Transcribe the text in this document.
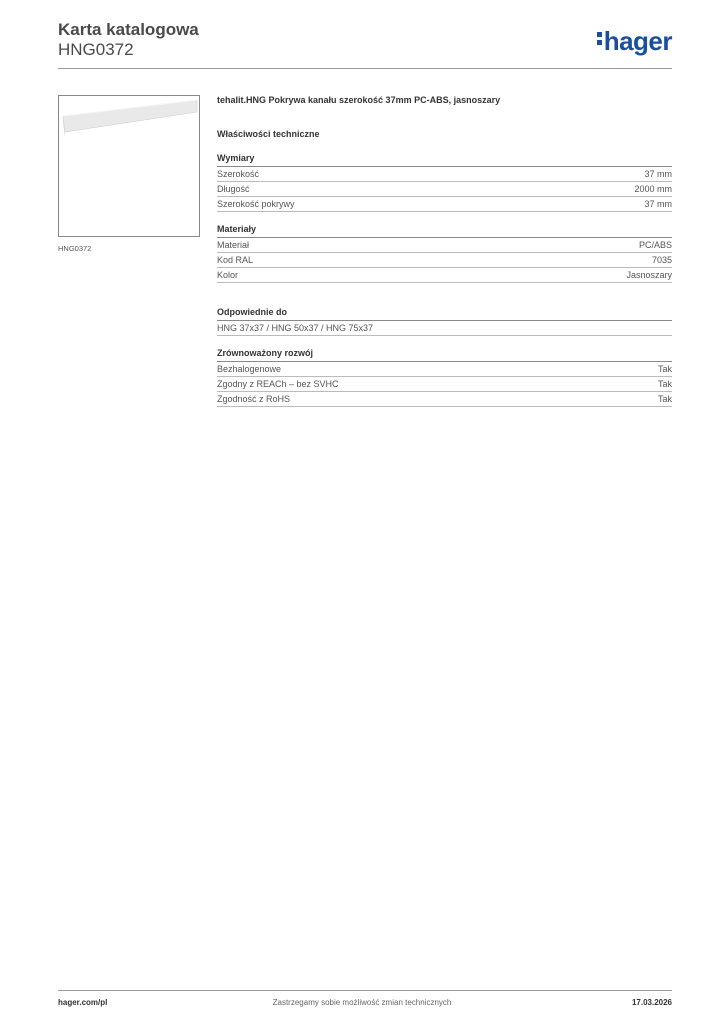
Karta katalogowa
HNG0372	hager
HNG0372
tehalit.HNG Pokrywa kanału szerokość 37mm PC-ABS, jasnoszary
Właściwości techniczne
Wymiary
Szerokość	37 mm
Długość	2000 mm
Szerokość pokrywy	37 mm
Materiały
Materiał	PC/ABS
Kod RAL	7035
Kolor	Jasnoszary
Odpowiednie do
HNG 37x37 / HNG 50x37 / HNG 75x37
Zrównoważony rozwój
Bezhalogenowe	Tak
Zgodny z REACh – bez SVHC	Tak
Zgodność z RoHS	Tak
Zastrzegamy sobie możliwość zmian technicznych
hager.com/pl	17.03.2026
